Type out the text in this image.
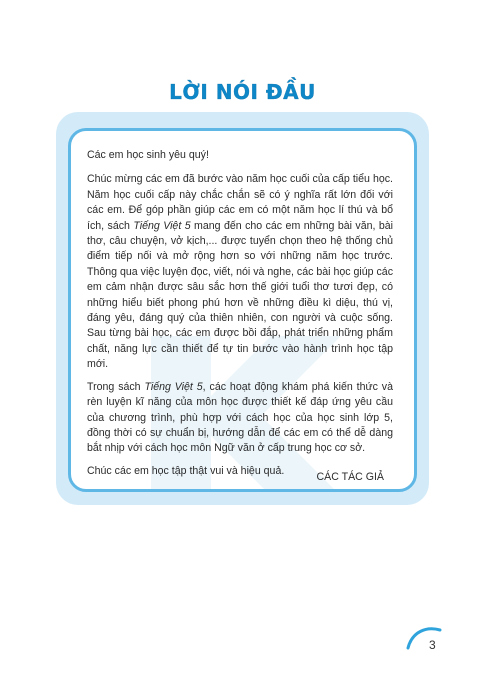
LỜI NÓI ĐẦU

Các em học sinh yêu quý!

Chúc mừng các em đã bước vào năm học cuối của cấp tiểu học. Năm học cuối cấp này chắc chắn sẽ có ý nghĩa rất lớn đối với các em. Để góp phần giúp các em có một năm học lí thú và bổ ích, sách Tiếng Việt 5 mang đến cho các em những bài văn, bài thơ, câu chuyện, vở kịch,... được tuyển chọn theo hệ thống chủ điểm tiếp nối và mở rộng hơn so với những năm học trước. Thông qua việc luyện đọc, viết, nói và nghe, các bài học giúp các em cảm nhận được sâu sắc hơn thế giới tuổi thơ tươi đẹp, có những hiểu biết phong phú hơn về những điều kì diệu, thú vị, đáng yêu, đáng quý của thiên nhiên, con người và cuộc sống. Sau từng bài học, các em được bồi đắp, phát triển những phẩm chất, năng lực cần thiết để tự tin bước vào hành trình học tập mới.

Trong sách Tiếng Việt 5, các hoạt động khám phá kiến thức và rèn luyện kĩ năng của môn học được thiết kế đáp ứng yêu cầu của chương trình, phù hợp với cách học của học sinh lớp 5, đồng thời có sự chuẩn bị, hướng dẫn để các em có thể dễ dàng bắt nhịp với cách học môn Ngữ văn ở cấp trung học cơ sở.

Chúc các em học tập thật vui và hiệu quả.

CÁC TÁC GIẢ
3
